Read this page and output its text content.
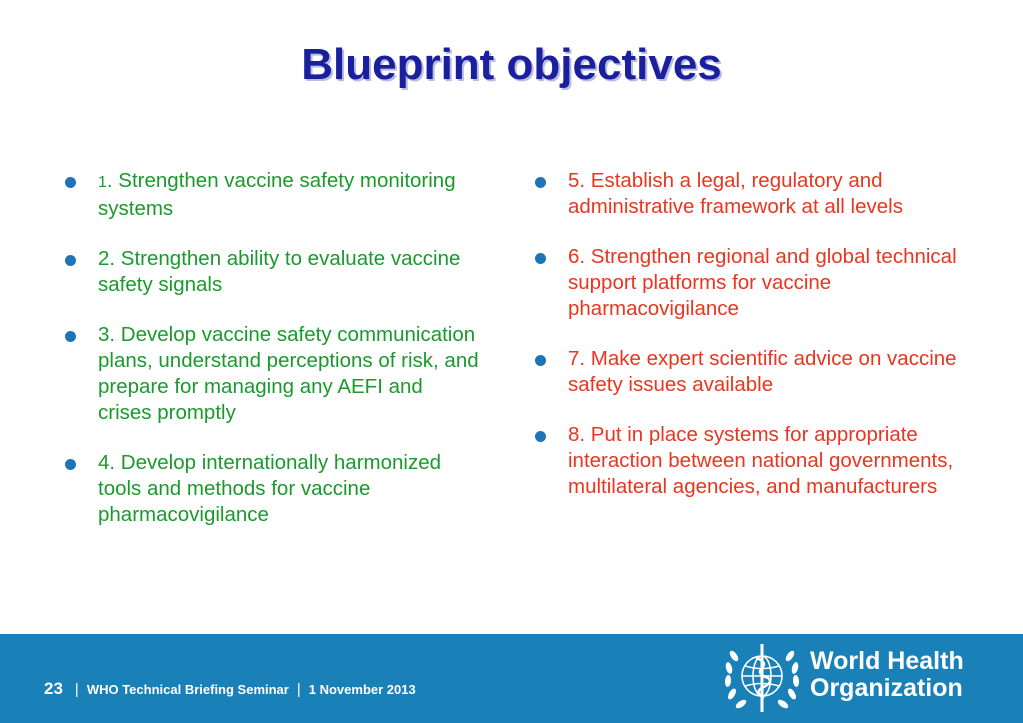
Blueprint objectives
1. Strengthen vaccine safety monitoring systems
2. Strengthen ability to evaluate vaccine safety signals
3. Develop vaccine safety communication plans, understand perceptions of risk, and prepare for managing any AEFI and crises promptly
4. Develop internationally harmonized tools and methods for vaccine pharmacovigilance
5. Establish a legal, regulatory and administrative framework at all levels
6. Strengthen regional and global technical support platforms for vaccine pharmacovigilance
7. Make expert scientific advice on vaccine safety issues available
8. Put in place systems for appropriate interaction between national governments, multilateral agencies, and manufacturers
23 | WHO Technical Briefing Seminar | 1 November 2013
World Health
Organization
